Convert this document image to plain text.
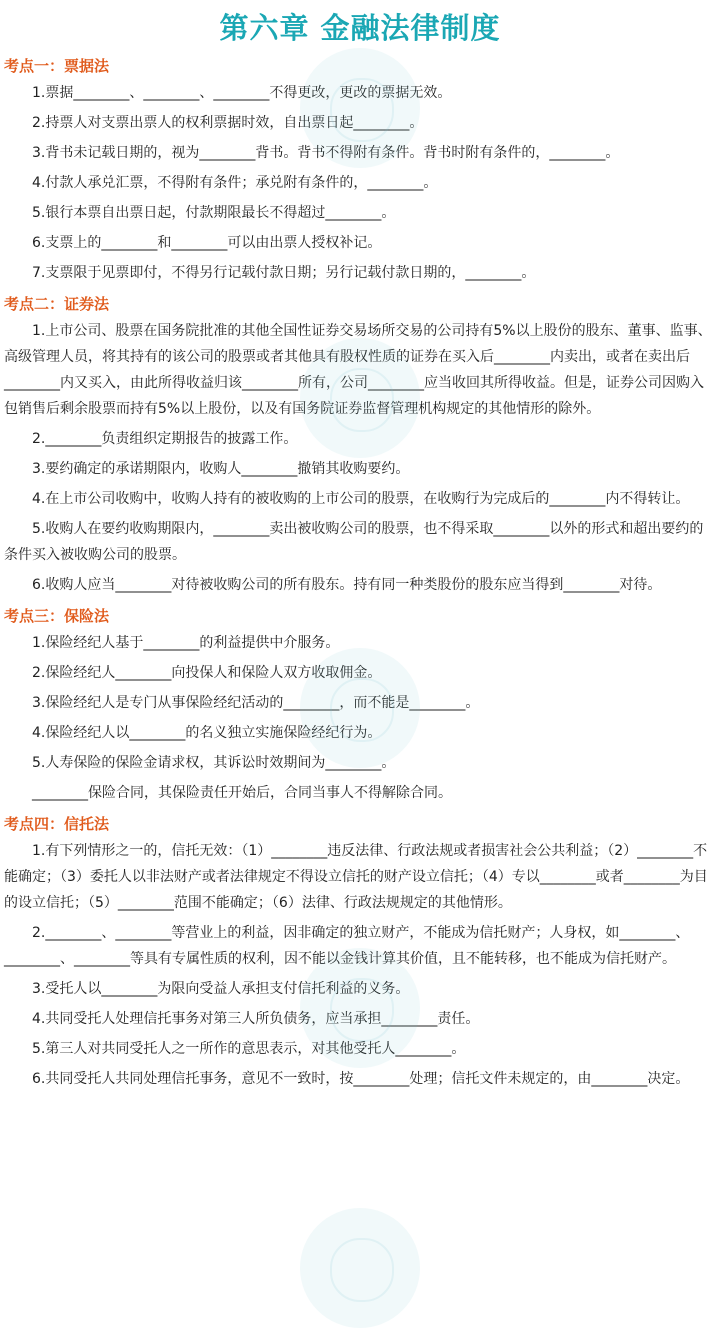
第六章 金融法律制度
考点一：票据法
1.票据________、________、________不得更改，更改的票据无效。
2.持票人对支票出票人的权利票据时效，自出票日起________。
3.背书未记载日期的，视为________背书。背书不得附有条件。背书时附有条件的，________。
4.付款人承兑汇票，不得附有条件；承兑附有条件的，________。
5.银行本票自出票日起，付款期限最长不得超过________。
6.支票上的________和________可以由出票人授权补记。
7.支票限于见票即付，不得另行记载付款日期；另行记载付款日期的，________。
考点二：证券法
1.上市公司、股票在国务院批准的其他全国性证券交易场所交易的公司持有5%以上股份的股东、董事、监事、高级管理人员，将其持有的该公司的股票或者其他具有股权性质的证券在买入后________内卖出，或者在卖出后________内又买入，由此所得收益归该________所有，公司________应当收回其所得收益。但是，证券公司因购入包销售后剩余股票而持有5%以上股份，以及有国务院证券监督管理机构规定的其他情形的除外。
2.________负责组织定期报告的披露工作。
3.要约确定的承诺期限内，收购人________撤销其收购要约。
4.在上市公司收购中，收购人持有的被收购的上市公司的股票，在收购行为完成后的________内不得转让。
5.收购人在要约收购期限内，________卖出被收购公司的股票，也不得采取________以外的形式和超出要约的条件买入被收购公司的股票。
6.收购人应当________对待被收购公司的所有股东。持有同一种类股份的股东应当得到________对待。
考点三：保险法
1.保险经纪人基于________的利益提供中介服务。
2.保险经纪人________向投保人和保险人双方收取佣金。
3.保险经纪人是专门从事保险经纪活动的________，而不能是________。
4.保险经纪人以________的名义独立实施保险经纪行为。
5.人寿保险的保险金请求权，其诉讼时效期间为________。
________保险合同，其保险责任开始后，合同当事人不得解除合同。
考点四：信托法
1.有下列情形之一的，信托无效：（1）________违反法律、行政法规或者损害社会公共利益；（2）________不能确定；（3）委托人以非法财产或者法律规定不得设立信托的财产设立信托；（4）专以________或者________为目的设立信托；（5）________范围不能确定；（6）法律、行政法规规定的其他情形。
2.________、________等营业上的利益，因非确定的独立财产，不能成为信托财产；人身权，如________、________、________等具有专属性质的权利，因不能以金钱计算其价值，且不能转移，也不能成为信托财产。
3.受托人以________为限向受益人承担支付信托利益的义务。
4.共同受托人处理信托事务对第三人所负债务，应当承担________责任。
5.第三人对共同受托人之一所作的意思表示，对其他受托人________。
6.共同受托人共同处理信托事务，意见不一致时，按________处理；信托文件未规定的，由________决定。
